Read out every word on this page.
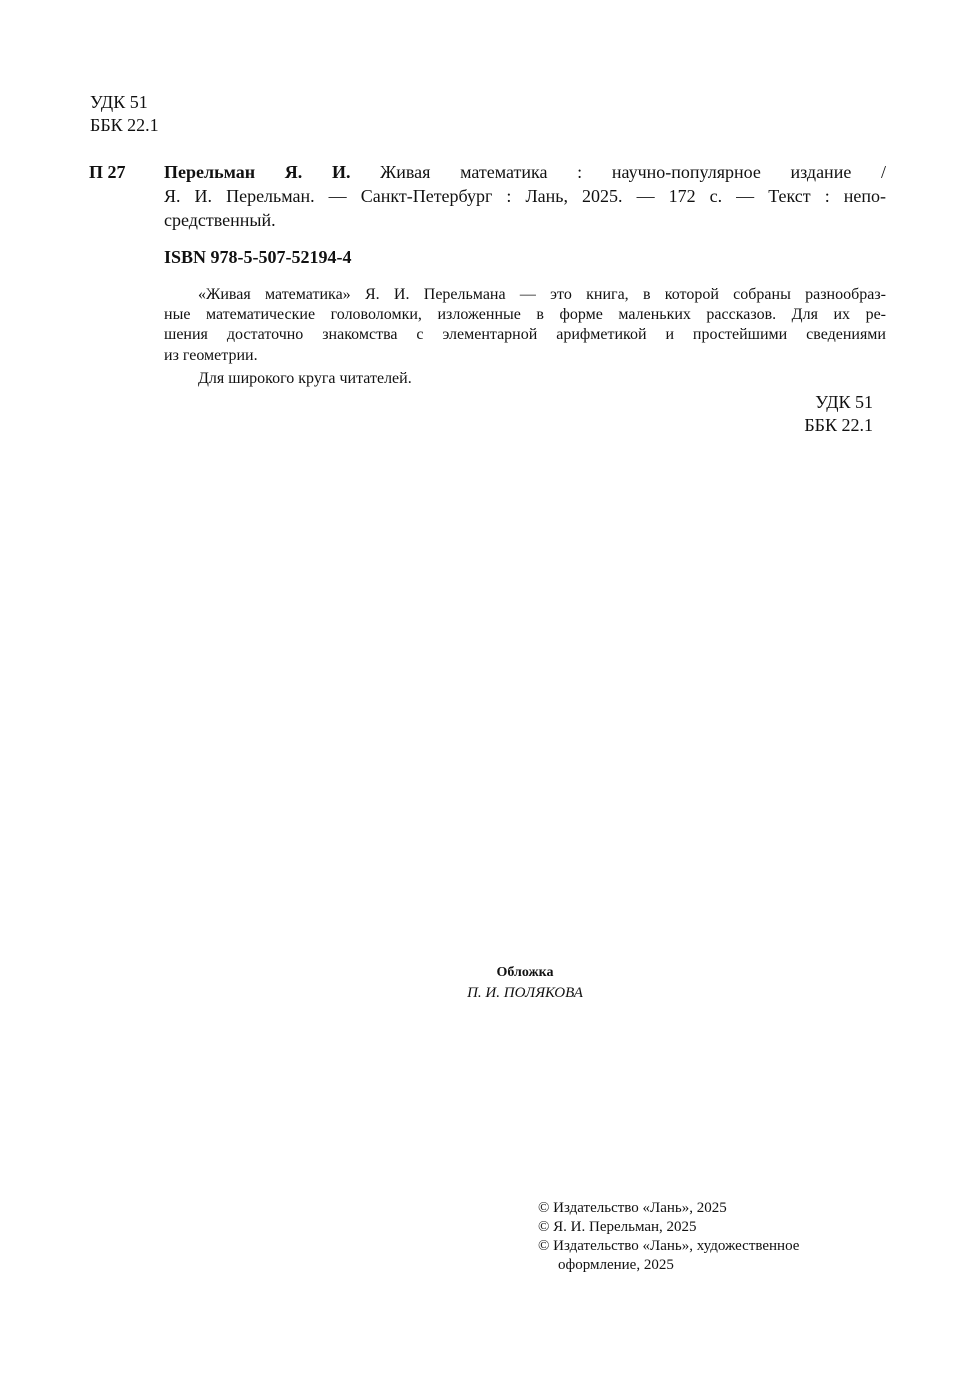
УДК 51
ББК 22.1
П 27 Перельман Я. И. Живая математика : научно-популярное издание /
Я. И. Перельман. — Санкт-Петербург : Лань, 2025. — 172 с. — Текст : непо-
средственный.
ISBN 978-5-507-52194-4
«Живая математика» Я. И. Перельмана — это книга, в которой собраны разнообраз-
ные математические головоломки, изложенные в форме маленьких рассказов. Для их ре-
шения достаточно знакомства с элементарной арифметикой и простейшими сведениями
из геометрии.
Для широкого круга читателей.
УДК 51
ББК 22.1
Обложка
П. И. ПОЛЯКОВА
© Издательство «Лань», 2025
© Я. И. Перельман, 2025
© Издательство «Лань», художественное
оформление, 2025
